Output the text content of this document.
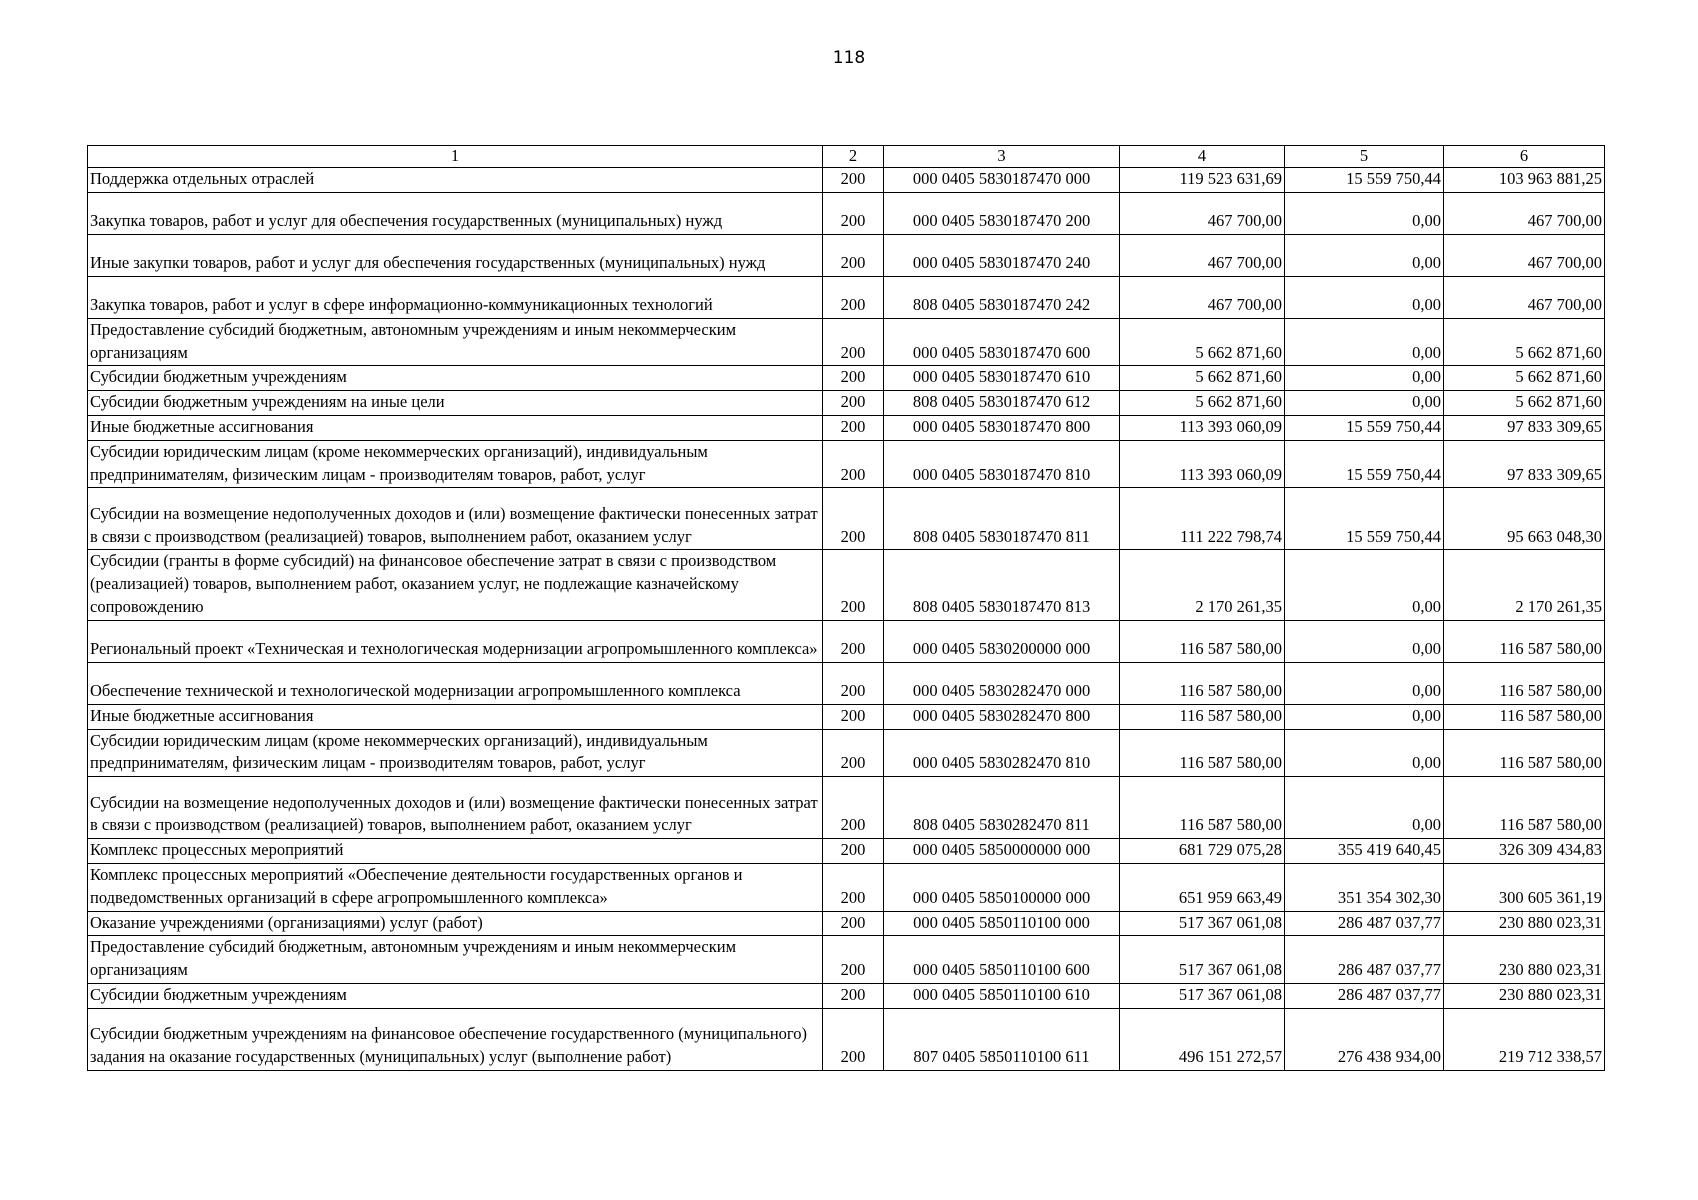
118
1	2	3	4	5	6
Поддержка отдельных отраслей	200	000 0405 5830187470 000	119 523 631,69	15 559 750,44	103 963 881,25
Закупка товаров, работ и услуг для обеспечения государственных (муниципальных) нужд	200	000 0405 5830187470 200	467 700,00	0,00	467 700,00
Иные закупки товаров, работ и услуг для обеспечения государственных (муниципальных) нужд	200	000 0405 5830187470 240	467 700,00	0,00	467 700,00
Закупка товаров, работ и услуг в сфере информационно-коммуникационных технологий	200	808 0405 5830187470 242	467 700,00	0,00	467 700,00
Предоставление субсидий бюджетным, автономным учреждениям и иным некоммерческим организациям	200	000 0405 5830187470 600	5 662 871,60	0,00	5 662 871,60
Субсидии бюджетным учреждениям	200	000 0405 5830187470 610	5 662 871,60	0,00	5 662 871,60
Субсидии бюджетным учреждениям на иные цели	200	808 0405 5830187470 612	5 662 871,60	0,00	5 662 871,60
Иные бюджетные ассигнования	200	000 0405 5830187470 800	113 393 060,09	15 559 750,44	97 833 309,65
Субсидии юридическим лицам (кроме некоммерческих организаций), индивидуальным предпринимателям, физическим лицам - производителям товаров, работ, услуг	200	000 0405 5830187470 810	113 393 060,09	15 559 750,44	97 833 309,65
Субсидии на возмещение недополученных доходов и (или) возмещение фактически понесенных затрат в связи с производством (реализацией) товаров, выполнением работ, оказанием услуг	200	808 0405 5830187470 811	111 222 798,74	15 559 750,44	95 663 048,30
Субсидии (гранты в форме субсидий) на финансовое обеспечение затрат в связи с производством (реализацией) товаров, выполнением работ, оказанием услуг, не подлежащие казначейскому сопровождению	200	808 0405 5830187470 813	2 170 261,35	0,00	2 170 261,35
Региональный проект «Техническая и технологическая модернизации агропромышленного комплекса»	200	000 0405 5830200000 000	116 587 580,00	0,00	116 587 580,00
Обеспечение технической и технологической модернизации агропромышленного комплекса	200	000 0405 5830282470 000	116 587 580,00	0,00	116 587 580,00
Иные бюджетные ассигнования	200	000 0405 5830282470 800	116 587 580,00	0,00	116 587 580,00
Субсидии юридическим лицам (кроме некоммерческих организаций), индивидуальным предпринимателям, физическим лицам - производителям товаров, работ, услуг	200	000 0405 5830282470 810	116 587 580,00	0,00	116 587 580,00
Субсидии на возмещение недополученных доходов и (или) возмещение фактически понесенных затрат в связи с производством (реализацией) товаров, выполнением работ, оказанием услуг	200	808 0405 5830282470 811	116 587 580,00	0,00	116 587 580,00
Комплекс процессных мероприятий	200	000 0405 5850000000 000	681 729 075,28	355 419 640,45	326 309 434,83
Комплекс процессных мероприятий «Обеспечение деятельности государственных органов и подведомственных организаций в сфере агропромышленного комплекса»	200	000 0405 5850100000 000	651 959 663,49	351 354 302,30	300 605 361,19
Оказание учреждениями (организациями) услуг (работ)	200	000 0405 5850110100 000	517 367 061,08	286 487 037,77	230 880 023,31
Предоставление субсидий бюджетным, автономным учреждениям и иным некоммерческим организациям	200	000 0405 5850110100 600	517 367 061,08	286 487 037,77	230 880 023,31
Субсидии бюджетным учреждениям	200	000 0405 5850110100 610	517 367 061,08	286 487 037,77	230 880 023,31
Субсидии бюджетным учреждениям на финансовое обеспечение государственного (муниципального) задания на оказание государственных (муниципальных) услуг (выполнение работ)	200	807 0405 5850110100 611	496 151 272,57	276 438 934,00	219 712 338,57
